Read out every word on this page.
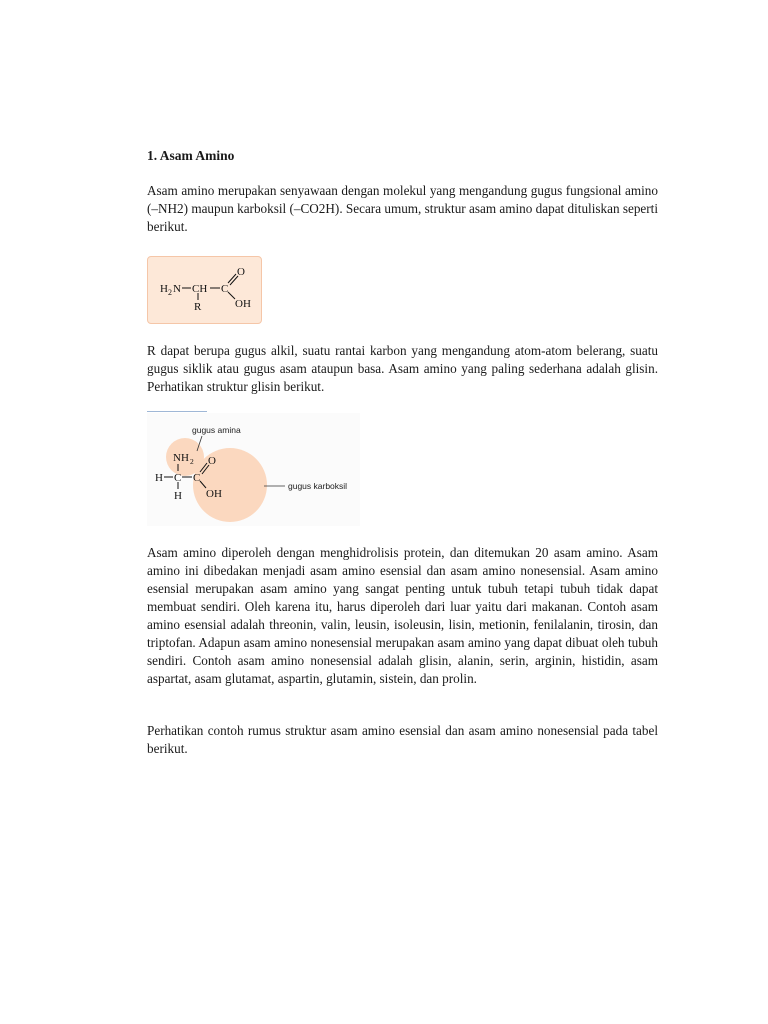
1. Asam Amino

Asam amino merupakan senyawaan dengan molekul yang mengandung gugus fungsional amino (–NH2) maupun karboksil (–CO2H). Secara umum, struktur asam amino dapat dituliskan seperti berikut.

H 2 N CH
R
C
O
OH

R dapat berupa gugus alkil, suatu rantai karbon yang mengandung atom-atom belerang, suatu gugus siklik atau gugus asam ataupun basa. Asam amino yang paling sederhana adalah glisin. Perhatikan struktur glisin berikut.

gugus amina
gugus karboksil
NH 2
H C C
H
O
OH

Asam amino diperoleh dengan menghidrolisis protein, dan ditemukan 20 asam amino. Asam amino ini dibedakan menjadi asam amino esensial dan asam amino nonesensial. Asam amino esensial merupakan asam amino yang sangat penting untuk tubuh tetapi tubuh tidak dapat membuat sendiri. Oleh karena itu, harus diperoleh dari luar yaitu dari makanan. Contoh asam amino esensial adalah threonin, valin, leusin, isoleusin, lisin, metionin, fenilalanin, tirosin, dan triptofan. Adapun asam amino nonesensial merupakan asam amino yang dapat dibuat oleh tubuh sendiri. Contoh asam amino nonesensial adalah glisin, alanin, serin, arginin, histidin, asam aspartat, asam glutamat, aspartin, glutamin, sistein, dan prolin.

Perhatikan contoh rumus struktur asam amino esensial dan asam amino nonesensial pada tabel berikut.
